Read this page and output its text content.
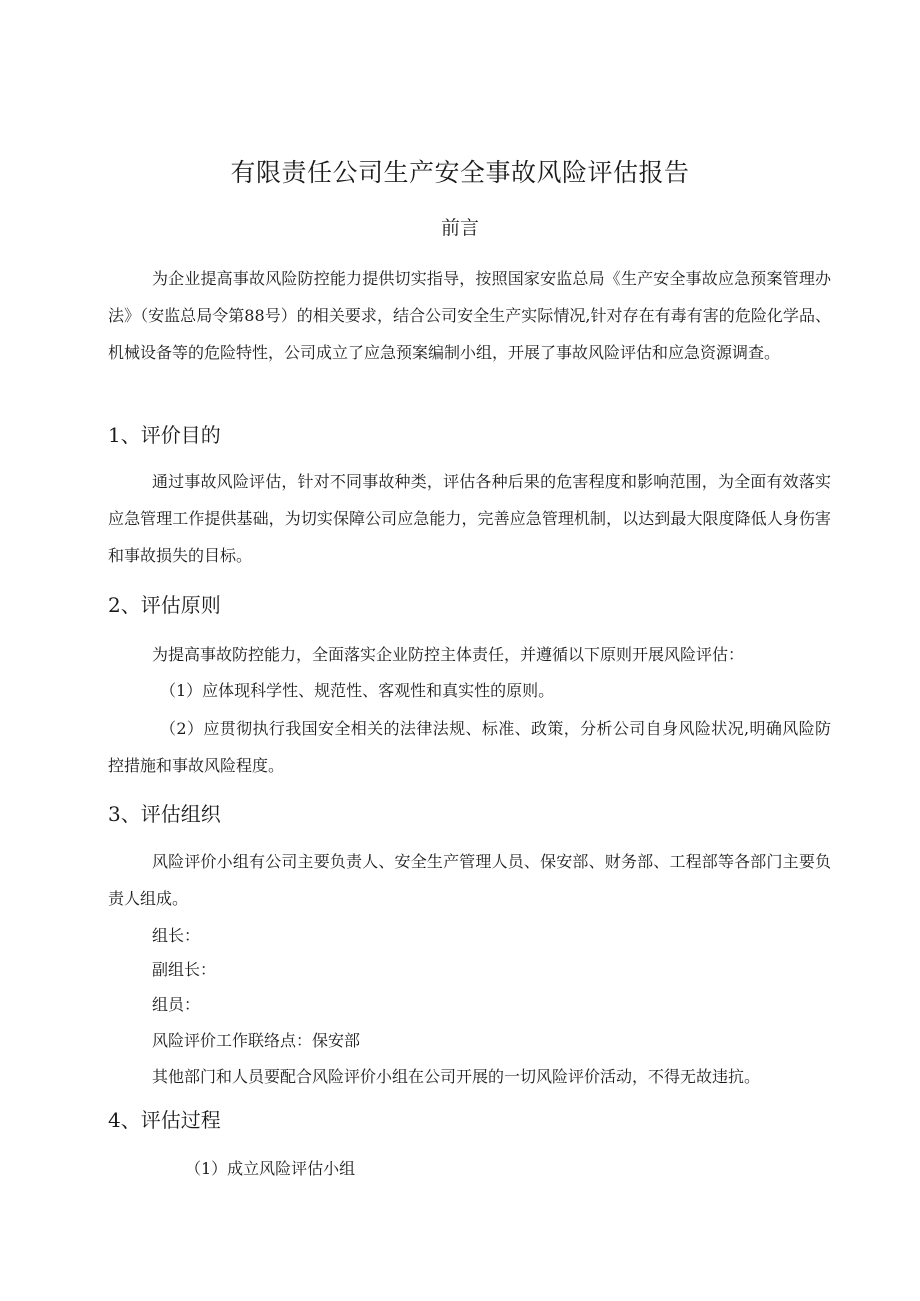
有限责任公司生产安全事故风险评估报告
前言

为企业提高事故风险防控能力提供切实指导，按照国家安监总局《生产安全事故应急预案管理办法》（安监总局令第88号）的相关要求，结合公司安全生产实际情况,针对存在有毒有害的危险化学品、机械设备等的危险特性，公司成立了应急预案编制小组，开展了事故风险评估和应急资源调查。

1、评价目的

通过事故风险评估，针对不同事故种类，评估各种后果的危害程度和影响范围，为全面有效落实应急管理工作提供基础，为切实保障公司应急能力，完善应急管理机制，以达到最大限度降低人身伤害和事故损失的目标。

2、评估原则

为提高事故防控能力，全面落实企业防控主体责任，并遵循以下原则开展风险评估：

（1）应体现科学性、规范性、客观性和真实性的原则。

（2）应贯彻执行我国安全相关的法律法规、标准、政策，分析公司自身风险状况,明确风险防控措施和事故风险程度。

3、评估组织

风险评价小组有公司主要负责人、安全生产管理人员、保安部、财务部、工程部等各部门主要负责人组成。

组长：

副组长：

组员：

风险评价工作联络点：保安部

其他部门和人员要配合风险评价小组在公司开展的一切风险评价活动，不得无故违抗。

4、评估过程

（1）成立风险评估小组
